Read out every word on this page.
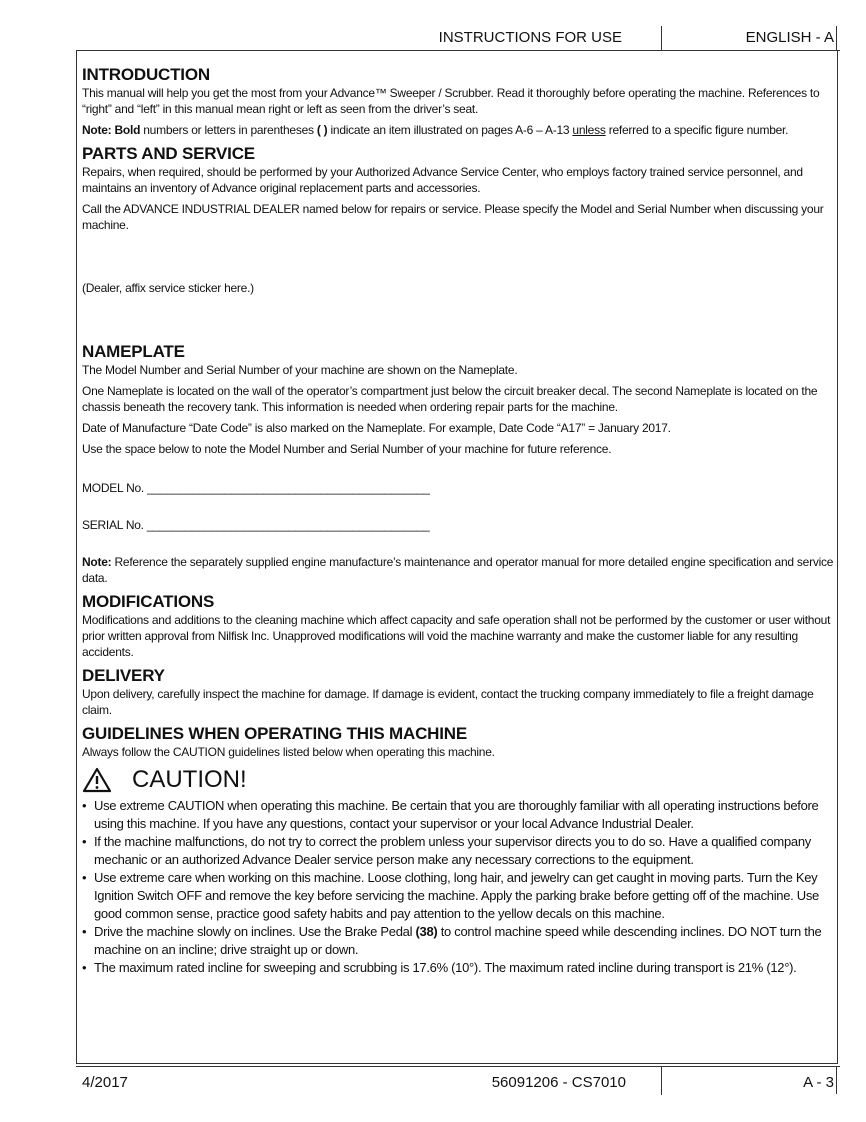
INSTRUCTIONS FOR USE	ENGLISH - A
INTRODUCTION

This manual will help you get the most from your Advance™ Sweeper / Scrubber. Read it thoroughly before operating the machine. References to “right” and “left” in this manual mean right or left as seen from the driver’s seat.

Note: Bold numbers or letters in parentheses ( ) indicate an item illustrated on pages A-6 – A-13 unless referred to a specific figure number.

PARTS AND SERVICE

Repairs, when required, should be performed by your Authorized Advance Service Center, who employs factory trained service personnel, and maintains an inventory of Advance original replacement parts and accessories.

Call the ADVANCE INDUSTRIAL DEALER named below for repairs or service. Please specify the Model and Serial Number when discussing your machine.

(Dealer, affix service sticker here.)

NAMEPLATE

The Model Number and Serial Number of your machine are shown on the Nameplate.

One Nameplate is located on the wall of the operator’s compartment just below the circuit breaker decal. The second Nameplate is located on the chassis beneath the recovery tank. This information is needed when ordering repair parts for the machine.

Date of Manufacture “Date Code” is also marked on the Nameplate. For example, Date Code “A17” = January 2017.

Use the space below to note the Model Number and Serial Number of your machine for future reference.

MODEL No. ____________________________________________

SERIAL No. ____________________________________________

Note: Reference the separately supplied engine manufacture’s maintenance and operator manual for more detailed engine specification and service data.

MODIFICATIONS

Modifications and additions to the cleaning machine which affect capacity and safe operation shall not be performed by the customer or user without prior written approval from Nilfisk Inc. Unapproved modifications will void the machine warranty and make the customer liable for any resulting accidents.

DELIVERY

Upon delivery, carefully inspect the machine for damage. If damage is evident, contact the trucking company immediately to file a freight damage claim.

GUIDELINES WHEN OPERATING THIS MACHINE

Always follow the CAUTION guidelines listed below when operating this machine.

CAUTION!
• Use extreme CAUTION when operating this machine. Be certain that you are thoroughly familiar with all operating instructions before using this machine. If you have any questions, contact your supervisor or your local Advance Industrial Dealer.
• If the machine malfunctions, do not try to correct the problem unless your supervisor directs you to do so. Have a qualified company mechanic or an authorized Advance Dealer service person make any necessary corrections to the equipment.
• Use extreme care when working on this machine. Loose clothing, long hair, and jewelry can get caught in moving parts. Turn the Key Ignition Switch OFF and remove the key before servicing the machine. Apply the parking brake before getting off of the machine. Use good common sense, practice good safety habits and pay attention to the yellow decals on this machine.
• Drive the machine slowly on inclines. Use the Brake Pedal (38) to control machine speed while descending inclines. DO NOT turn the machine on an incline; drive straight up or down.
• The maximum rated incline for sweeping and scrubbing is 17.6% (10°). The maximum rated incline during transport is 21% (12°).
4/2017	56091206 - CS7010	A - 3
